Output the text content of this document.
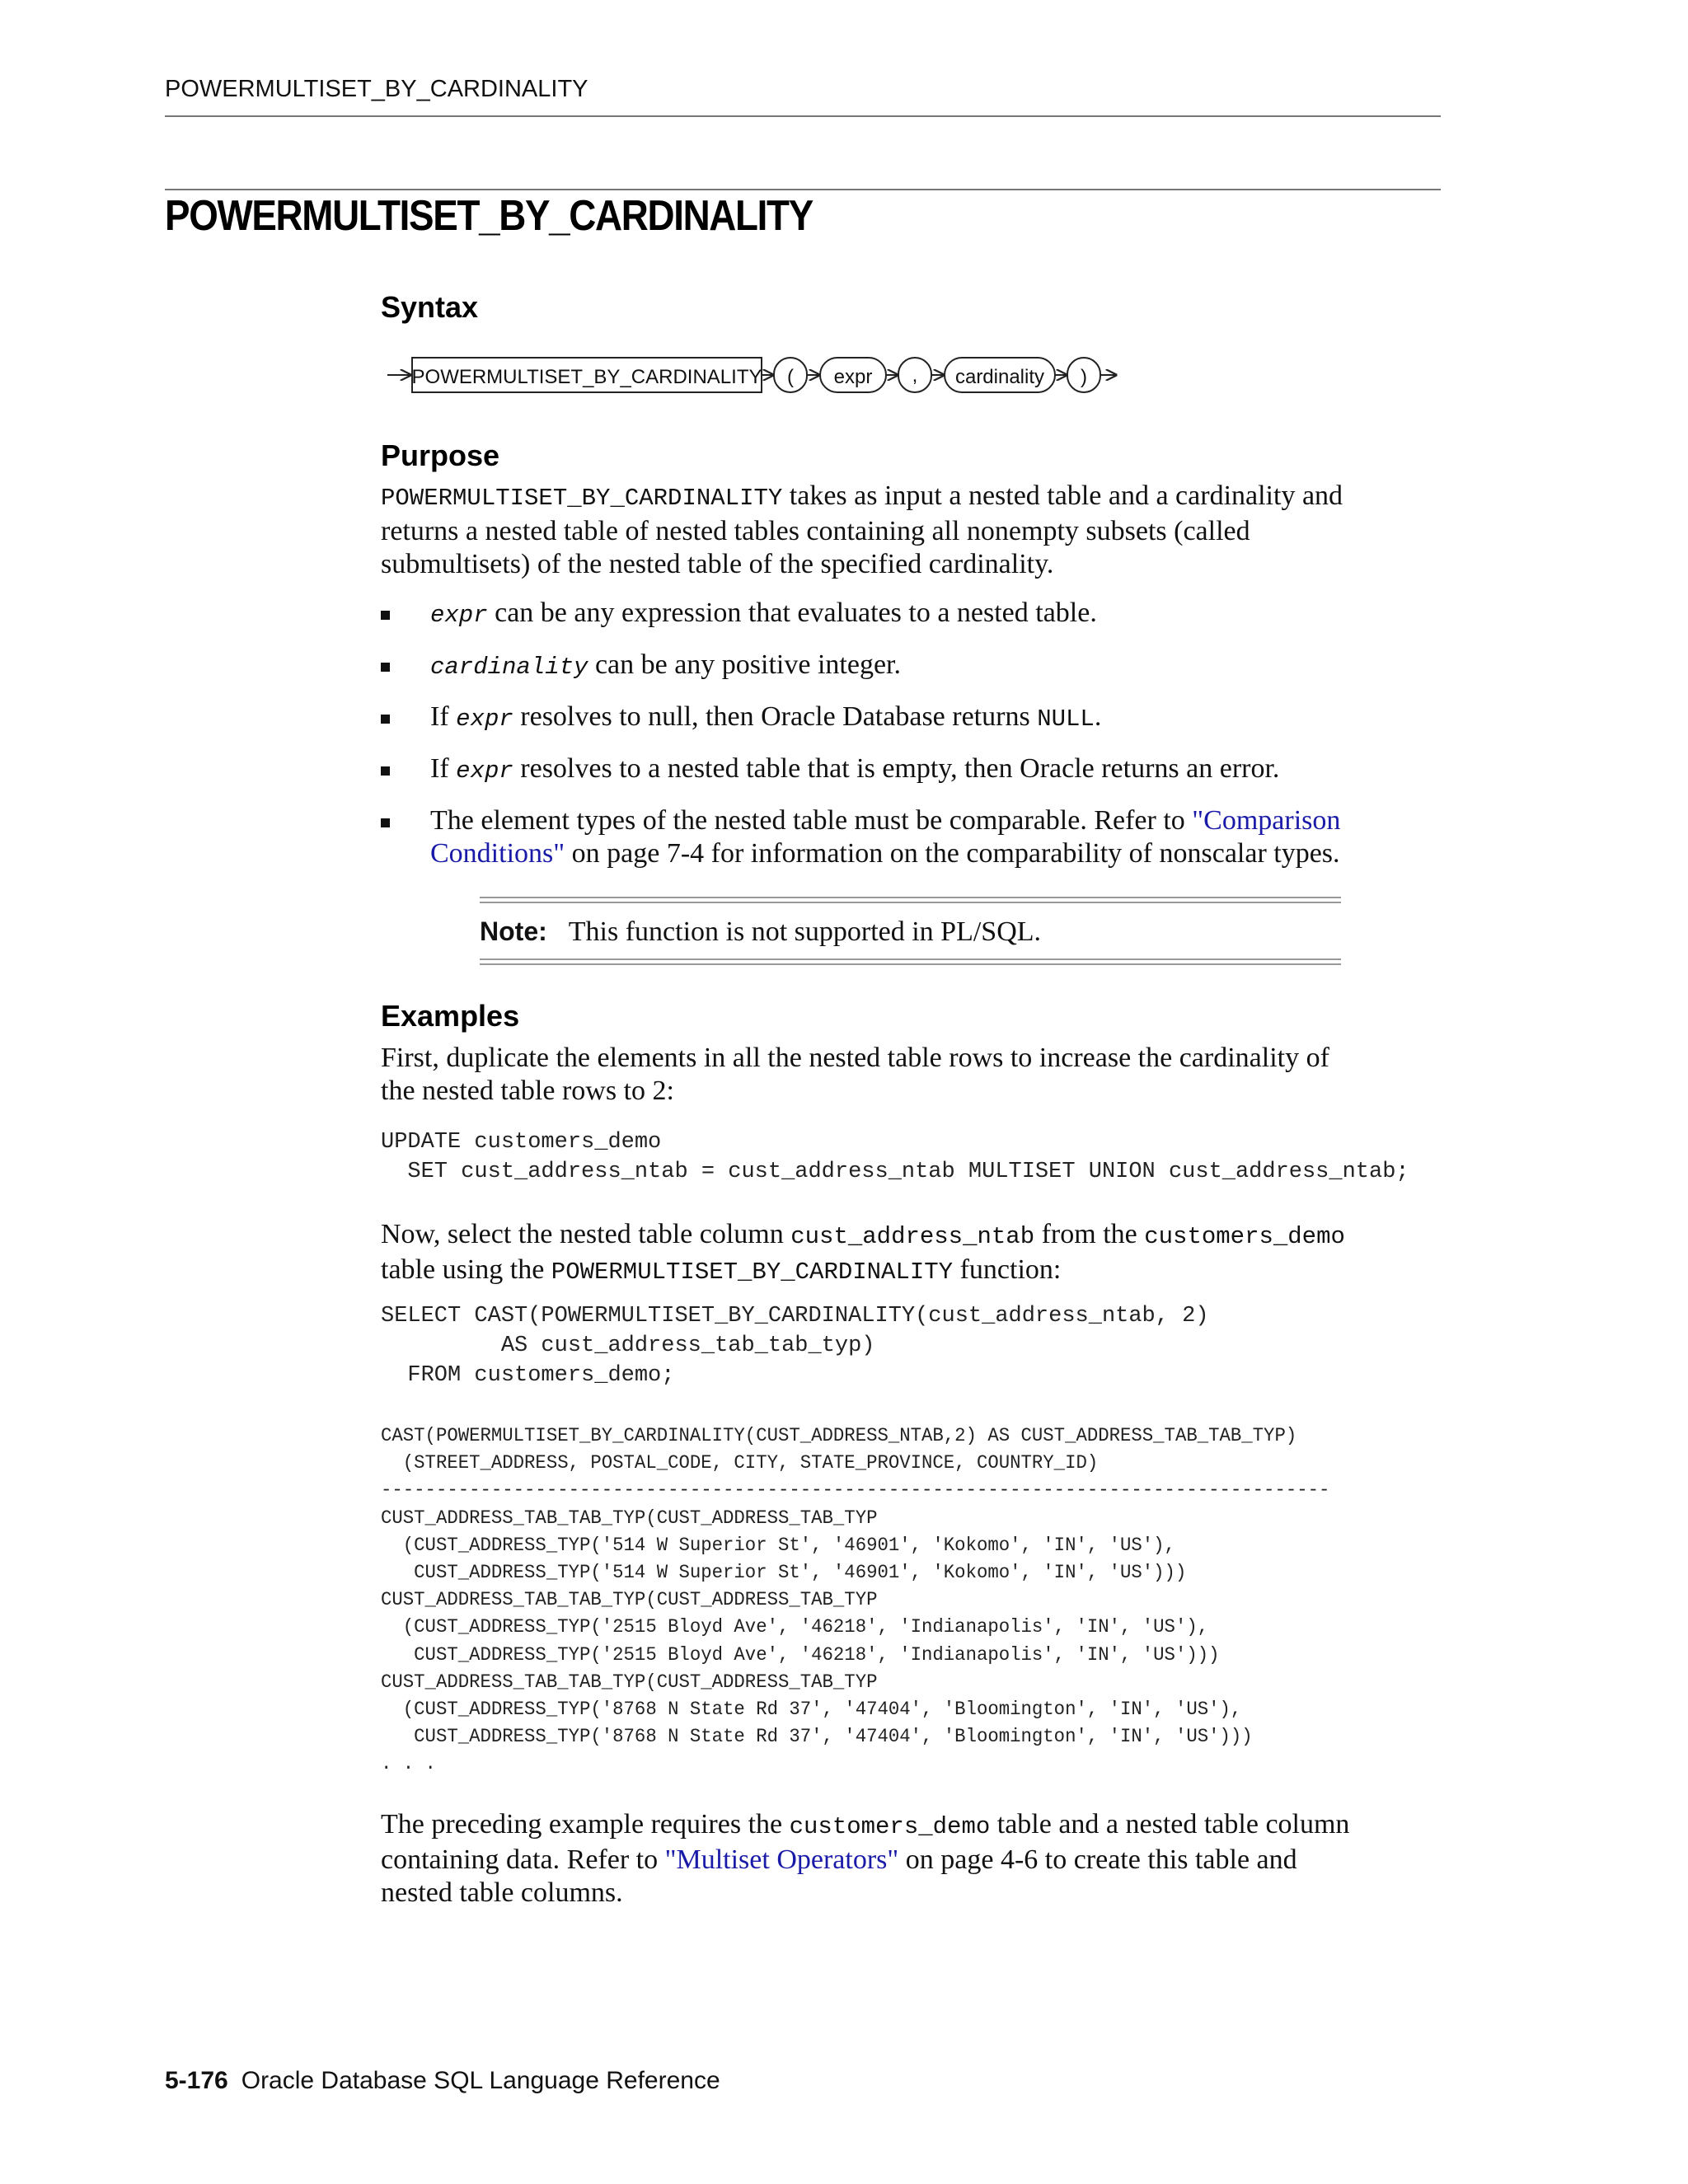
POWERMULTISET_BY_CARDINALITY
POWERMULTISET_BY_CARDINALITY
Syntax
POWERMULTISET_BY_CARDINALITY ( expr , cardinality )
Purpose

POWERMULTISET_BY_CARDINALITY takes as input a nested table and a cardinality and
returns a nested table of nested tables containing all nonempty subsets (called
submultisets) of the nested table of the specified cardinality.

expr can be any expression that evaluates to a nested table.
cardinality can be any positive integer.
If expr resolves to null, then Oracle Database returns NULL.
If expr resolves to a nested table that is empty, then Oracle returns an error.
The element types of the nested table must be comparable. Refer to "Comparison
Conditions" on page 7-4 for information on the comparability of nonscalar types.
Note: This function is not supported in PL/SQL.
Examples

First, duplicate the elements in all the nested table rows to increase the cardinality of
the nested table rows to 2:

UPDATE customers_demo
SET cust_address_ntab = cust_address_ntab MULTISET UNION cust_address_ntab;

Now, select the nested table column cust_address_ntab from the customers_demo
table using the POWERMULTISET_BY_CARDINALITY function:

SELECT CAST(POWERMULTISET_BY_CARDINALITY(cust_address_ntab, 2)
AS cust_address_tab_tab_typ)
FROM customers_demo;
CAST(POWERMULTISET_BY_CARDINALITY(CUST_ADDRESS_NTAB,2) AS CUST_ADDRESS_TAB_TAB_TYP)
(STREET_ADDRESS, POSTAL_CODE, CITY, STATE_PROVINCE, COUNTRY_ID)
--------------------------------------------------------------------------------------
CUST_ADDRESS_TAB_TAB_TYP(CUST_ADDRESS_TAB_TYP
(CUST_ADDRESS_TYP('514 W Superior St', '46901', 'Kokomo', 'IN', 'US'),
CUST_ADDRESS_TYP('514 W Superior St', '46901', 'Kokomo', 'IN', 'US')))
CUST_ADDRESS_TAB_TAB_TYP(CUST_ADDRESS_TAB_TYP
(CUST_ADDRESS_TYP('2515 Bloyd Ave', '46218', 'Indianapolis', 'IN', 'US'),
CUST_ADDRESS_TYP('2515 Bloyd Ave', '46218', 'Indianapolis', 'IN', 'US')))
CUST_ADDRESS_TAB_TAB_TYP(CUST_ADDRESS_TAB_TYP
(CUST_ADDRESS_TYP('8768 N State Rd 37', '47404', 'Bloomington', 'IN', 'US'),
CUST_ADDRESS_TYP('8768 N State Rd 37', '47404', 'Bloomington', 'IN', 'US')))
. . .

The preceding example requires the customers_demo table and a nested table column
containing data. Refer to "Multiset Operators" on page 4-6 to create this table and
nested table columns.

5-176 Oracle Database SQL Language Reference
